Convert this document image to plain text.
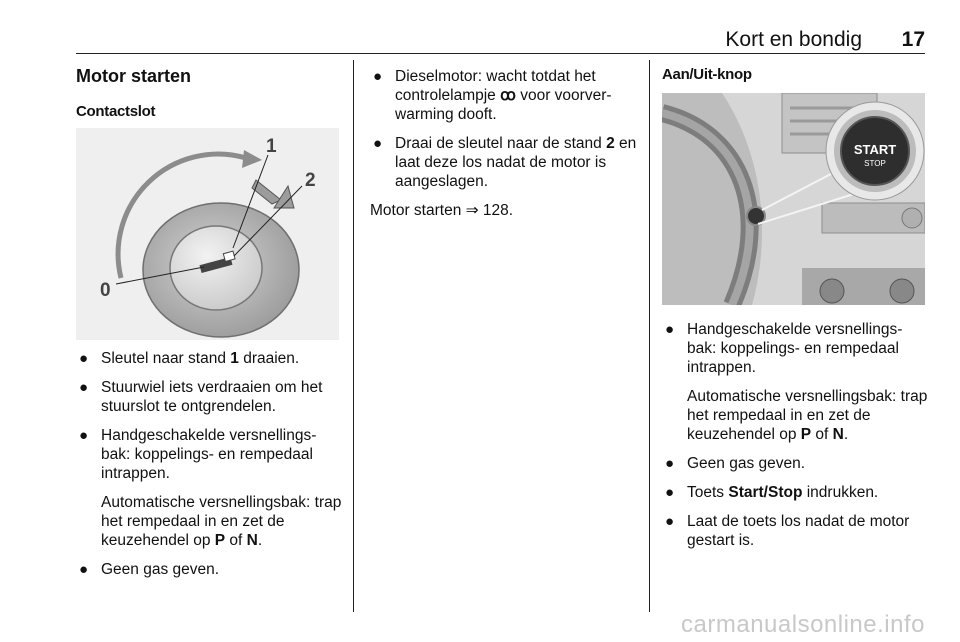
Kort en bondig 17
Motor starten
Contactslot
0
1
2
● Sleutel naar stand 1 draaien.
● Stuurwiel iets verdraaien om het stuurslot te ontgrendelen.
● Handgeschakelde versnellings-bak: koppelings- en rempedaal intrappen.
Automatische versnellingsbak: trap het rempedaal in en zet de keuzehendel op P of N.
● Geen gas geven.
● Dieselmotor: wacht totdat het controlelampje ꝏ voor voorver-warming dooft.
● Draai de sleutel naar de stand 2 en laat deze los nadat de motor is aangeslagen.

Motor starten ⇒ 128.

Aan/Uit-knop
START
STOP
● Handgeschakelde versnellings-bak: koppelings- en rempedaal intrappen.
Automatische versnellingsbak: trap het rempedaal in en zet de keuzehendel op P of N.
● Geen gas geven.
● Toets Start/Stop indrukken.
● Laat de toets los nadat de motor gestart is.
carmanualsonline.info
